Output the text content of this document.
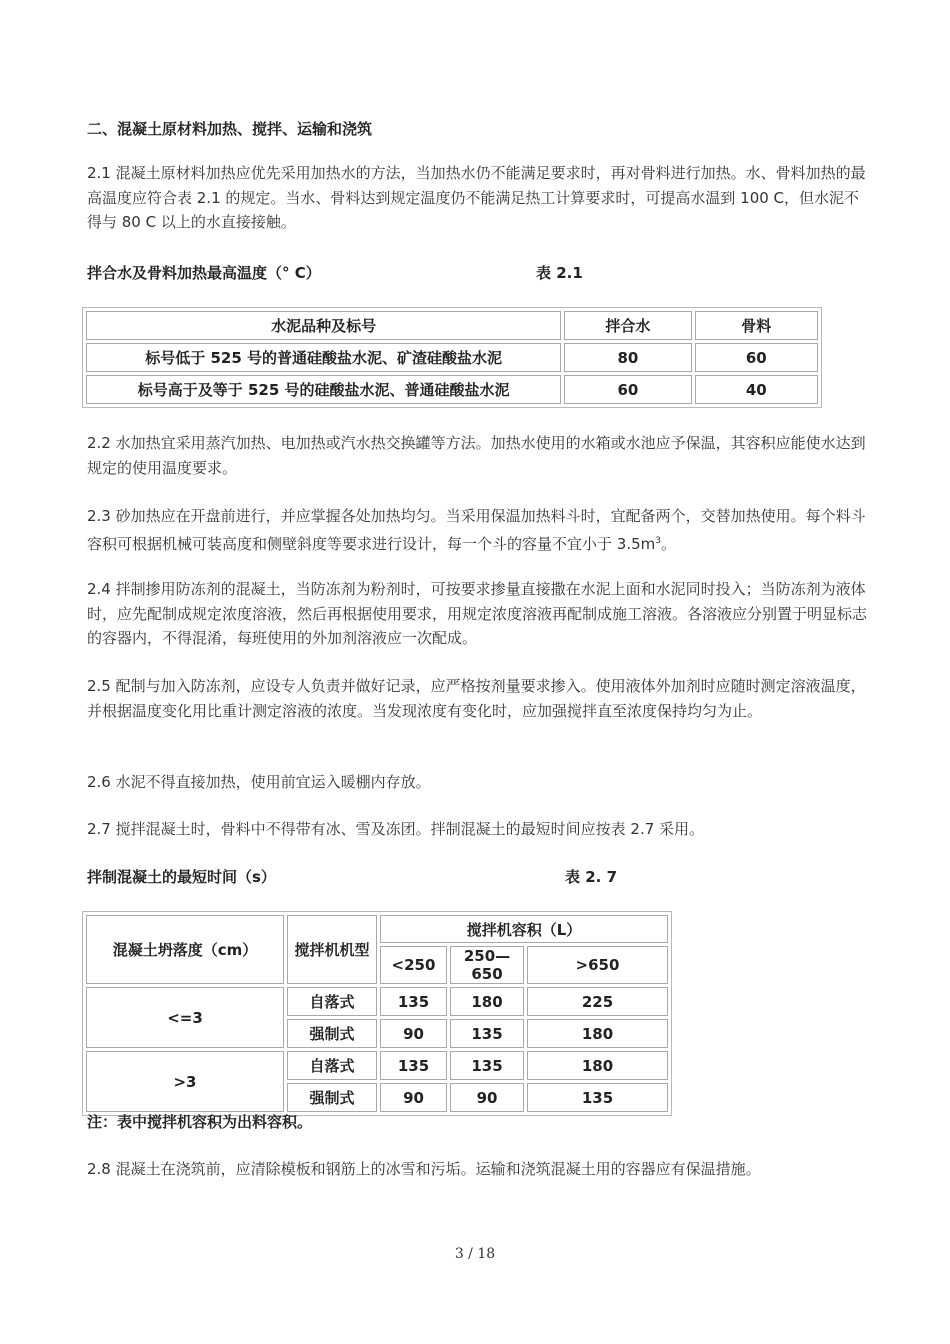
二、混凝土原材料加热、搅拌、运输和浇筑
2.1 混凝土原材料加热应优先采用加热水的方法，当加热水仍不能满足要求时，再对骨料进行加热。水、骨料加热的最高温度应符合表 2.1 的规定。当水、骨料达到规定温度仍不能满足热工计算要求时，可提高水温到 100 C，但水泥不得与 80 C 以上的水直接接触。
拌合水及骨料加热最高温度（° C）	表 2.1
水泥品种及标号	拌合水	骨料
标号低于 525 号的普通硅酸盐水泥、矿渣硅酸盐水泥	80	60
标号高于及等于 525 号的硅酸盐水泥、普通硅酸盐水泥	60	40
2.2 水加热宜采用蒸汽加热、电加热或汽水热交换罐等方法。加热水使用的水箱或水池应予保温，其容积应能使水达到规定的使用温度要求。
2.3 砂加热应在开盘前进行，并应掌握各处加热均匀。当采用保温加热料斗时，宜配备两个，交替加热使用。每个料斗容积可根据机械可装高度和侧壁斜度等要求进行设计，每一个斗的容量不宜小于 $3.5m^3$。
2.4 拌制掺用防冻剂的混凝土，当防冻剂为粉剂时，可按要求掺量直接撒在水泥上面和水泥同时投入；当防冻剂为液体时，应先配制成规定浓度溶液，然后再根据使用要求，用规定浓度溶液再配制成施工溶液。各溶液应分别置于明显标志的容器内，不得混淆，每班使用的外加剂溶液应一次配成。
2.5 配制与加入防冻剂，应设专人负责并做好记录，应严格按剂量要求掺入。使用液体外加剂时应随时测定溶液温度，并根据温度变化用比重计测定溶液的浓度。当发现浓度有变化时，应加强搅拌直至浓度保持均匀为止。
2.6 水泥不得直接加热，使用前宜运入暖棚内存放。
2.7 搅拌混凝土时，骨料中不得带有冰、雪及冻团。拌制混凝土的最短时间应按表 2.7 采用。
拌制混凝土的最短时间（s）	表 2. 7
混凝土坍落度（cm）	搅拌机机型	搅拌机容积（L）		
		<250	250—650	>650
<=3	自落式	135	180	225
	强制式	90	135	180
>3	自落式	135	135	180
	强制式	90	90	135
注：表中搅拌机容积为出料容积。
2.8 混凝土在浇筑前，应清除模板和钢筋上的冰雪和污垢。运输和浇筑混凝土用的容器应有保温措施。
3 / 18
